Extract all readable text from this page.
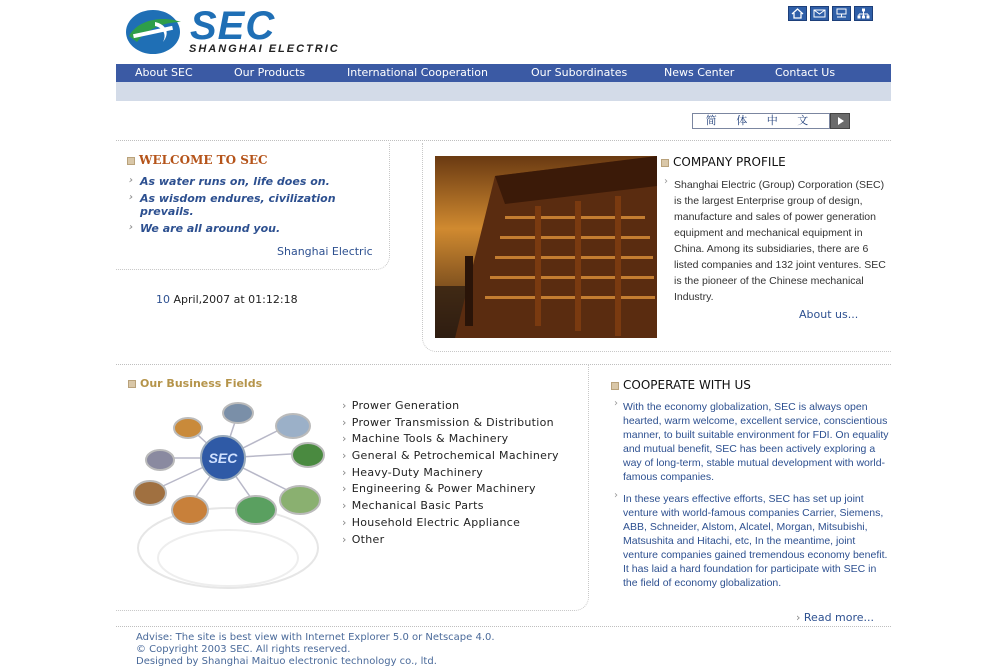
SEC
SHANGHAI ELECTRIC
About SEC	Our Products	International Cooperation	Our Subordinates	News Center	Contact Us
简 体 中 文
WELCOME TO SEC
› As water runs on, life does on.
› As wisdom endures, civilization prevails.
› We are all around you.
Shanghai Electric
10 April,2007 at 01:12:18
COMPANY PROFILE
› Shanghai Electric (Group) Corporation (SEC) is the largest Enterprise group of design, manufacture and sales of power generation equipment and mechanical equipment in China. Among its subsidiaries, there are 6 listed companies and 132 joint ventures. SEC is the pioneer of the Chinese mechanical Industry.
About us...
Our Business Fields
SEC
› Prower Generation
› Prower Transmission & Distribution
› Machine Tools & Machinery
› General & Petrochemical Machinery
› Heavy-Duty Machinery
› Engineering & Power Machinery
› Mechanical Basic Parts
› Household Electric Appliance
› Other
COOPERATE WITH US
› With the economy globalization, SEC is always open hearted, warm welcome, excellent service, conscientious manner, to built suitable environment for FDI. On equality and mutual benefit, SEC has been actively exploring a way of long-term, stable mutual development with world-famous companies.
› In these years effective efforts, SEC has set up joint venture with world-famous companies Carrier, Siemens, ABB, Schneider, Alstom, Alcatel, Morgan, Mitsubishi, Matsushita and Hitachi, etc, In the meantime, joint venture companies gained tremendous economy benefit. It has laid a hard foundation for participate with SEC in the field of economy globalization.
› Read more...
Advise: The site is best view with Internet Explorer 5.0 or Netscape 4.0.
© Copyright 2003 SEC. All rights reserved.
Designed by Shanghai Maituo electronic technology co., ltd.
